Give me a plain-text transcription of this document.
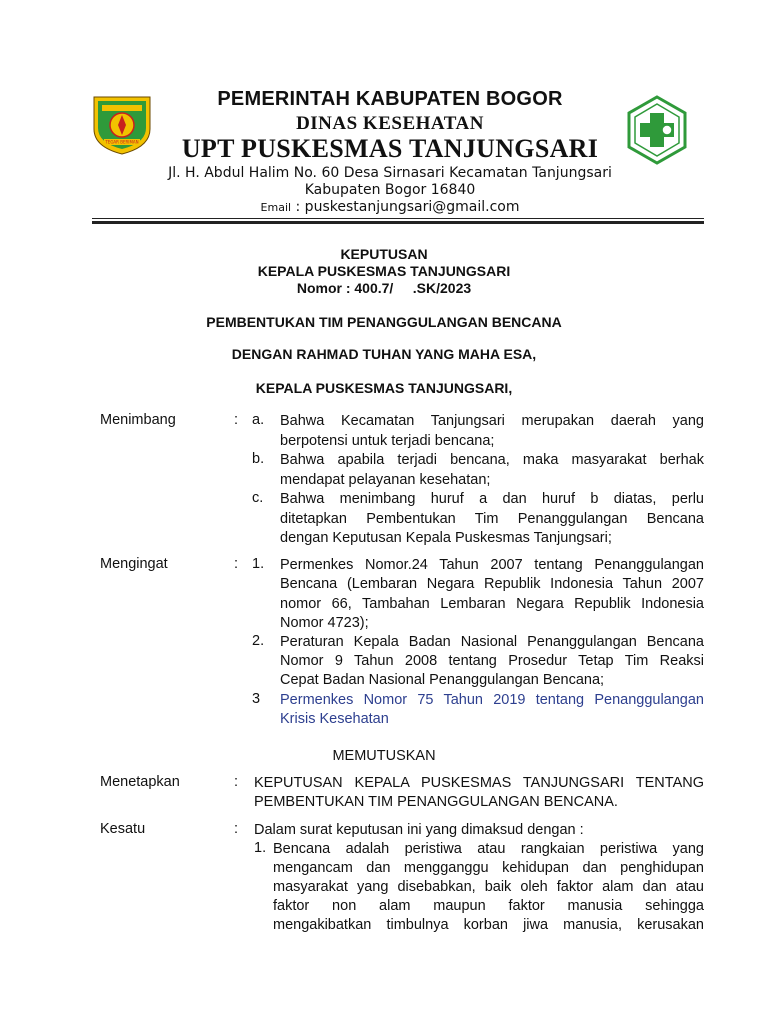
TEGAR BERIMAN
PEMERINTAH KABUPATEN BOGOR
DINAS KESEHATAN
UPT PUSKESMAS TANJUNGSARI
Jl. H. Abdul Halim No. 60 Desa Sirnasari Kecamatan Tanjungsari
Kabupaten Bogor 16840
Email : puskestanjungsari@gmail.com
KEPUTUSAN
KEPALA PUSKESMAS TANJUNGSARI
Nomor : 400.7/     .SK/2023
PEMBENTUKAN TIM PENANGGULANGAN BENCANA
DENGAN RAHMAD TUHAN YANG MAHA ESA,
KEPALA PUSKESMAS TANJUNGSARI,
Menimbang	: a. Bahwa Kecamatan Tanjungsari merupakan daerah yang
berpotensi untuk terjadi bencana;
b. Bahwa apabila terjadi bencana, maka masyarakat berhak
mendapat pelayanan kesehatan;
c. Bahwa menimbang huruf a dan huruf b diatas, perlu
ditetapkan Pembentukan Tim Penanggulangan Bencana
dengan Keputusan Kepala Puskesmas Tanjungsari;
Mengingat	: 1. Permenkes Nomor.24 Tahun 2007 tentang Penanggulangan
Bencana (Lembaran Negara Republik Indonesia Tahun 2007
nomor 66, Tambahan Lembaran Negara Republik Indonesia
Nomor 4723);
2. Peraturan Kepala Badan Nasional Penanggulangan Bencana
Nomor 9 Tahun 2008 tentang Prosedur Tetap Tim Reaksi
Cepat Badan Nasional Penanggulangan Bencana;
3 Permenkes Nomor 75 Tahun 2019 tentang Penanggulangan
Krisis Kesehatan
MEMUTUSKAN
Menetapkan	: KEPUTUSAN KEPALA PUSKESMAS TANJUNGSARI TENTANG
PEMBENTUKAN TIM PENANGGULANGAN BENCANA.
Kesatu	: Dalam surat keputusan ini yang dimaksud dengan :
1. Bencana adalah peristiwa atau rangkaian peristiwa yang
mengancam dan mengganggu kehidupan dan penghidupan
masyarakat yang disebabkan, baik oleh faktor alam dan atau
faktor non alam maupun faktor manusia sehingga
mengakibatkan timbulnya korban jiwa manusia, kerusakan
